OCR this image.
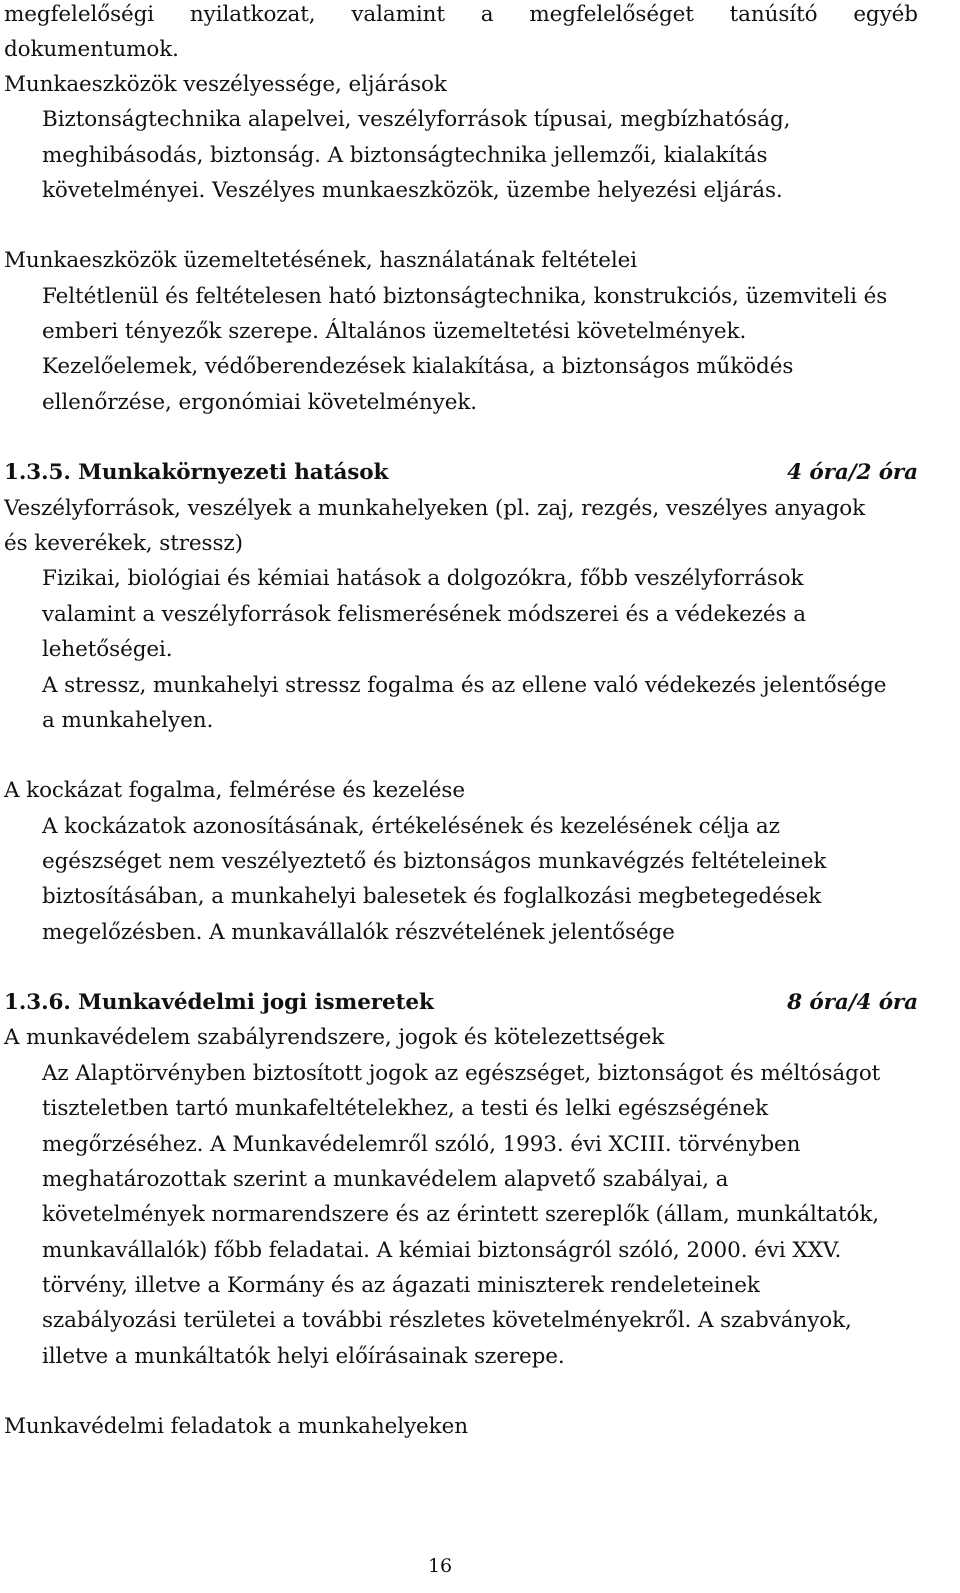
megfelelőségi nyilatkozat, valamint a megfelelőséget tanúsító egyéb
dokumentumok.
Munkaeszközök veszélyessége, eljárások
Biztonságtechnika alapelvei, veszélyforrások típusai, megbízhatóság,
meghibásodás, biztonság. A biztonságtechnika jellemzői, kialakítás
követelményei. Veszélyes munkaeszközök, üzembe helyezési eljárás.
Munkaeszközök üzemeltetésének, használatának feltételei
Feltétlenül és feltételesen ható biztonságtechnika, konstrukciós, üzemviteli és
emberi tényezők szerepe. Általános üzemeltetési követelmények.
Kezelőelemek, védőberendezések kialakítása, a biztonságos működés
ellenőrzése, ergonómiai követelmények.
1.3.5. Munkakörnyezeti hatások	4 óra/2 óra
Veszélyforrások, veszélyek a munkahelyeken (pl. zaj, rezgés, veszélyes anyagok
és keverékek, stressz)
Fizikai, biológiai és kémiai hatások a dolgozókra, főbb veszélyforrások
valamint a veszélyforrások felismerésének módszerei és a védekezés a
lehetőségei.
A stressz, munkahelyi stressz fogalma és az ellene való védekezés jelentősége
a munkahelyen.
A kockázat fogalma, felmérése és kezelése
A kockázatok azonosításának, értékelésének és kezelésének célja az
egészséget nem veszélyeztető és biztonságos munkavégzés feltételeinek
biztosításában, a munkahelyi balesetek és foglalkozási megbetegedések
megelőzésben. A munkavállalók részvételének jelentősége
1.3.6. Munkavédelmi jogi ismeretek	8 óra/4 óra
A munkavédelem szabályrendszere, jogok és kötelezettségek
Az Alaptörvényben biztosított jogok az egészséget, biztonságot és méltóságot
tiszteletben tartó munkafeltételekhez, a testi és lelki egészségének
megőrzéséhez. A Munkavédelemről szóló, 1993. évi XCIII. törvényben
meghatározottak szerint a munkavédelem alapvető szabályai, a
követelmények normarendszere és az érintett szereplők (állam, munkáltatók,
munkavállalók) főbb feladatai. A kémiai biztonságról szóló, 2000. évi XXV.
törvény, illetve a Kormány és az ágazati miniszterek rendeleteinek
szabályozási területei a további részletes követelményekről. A szabványok,
illetve a munkáltatók helyi előírásainak szerepe.
Munkavédelmi feladatok a munkahelyeken
16
